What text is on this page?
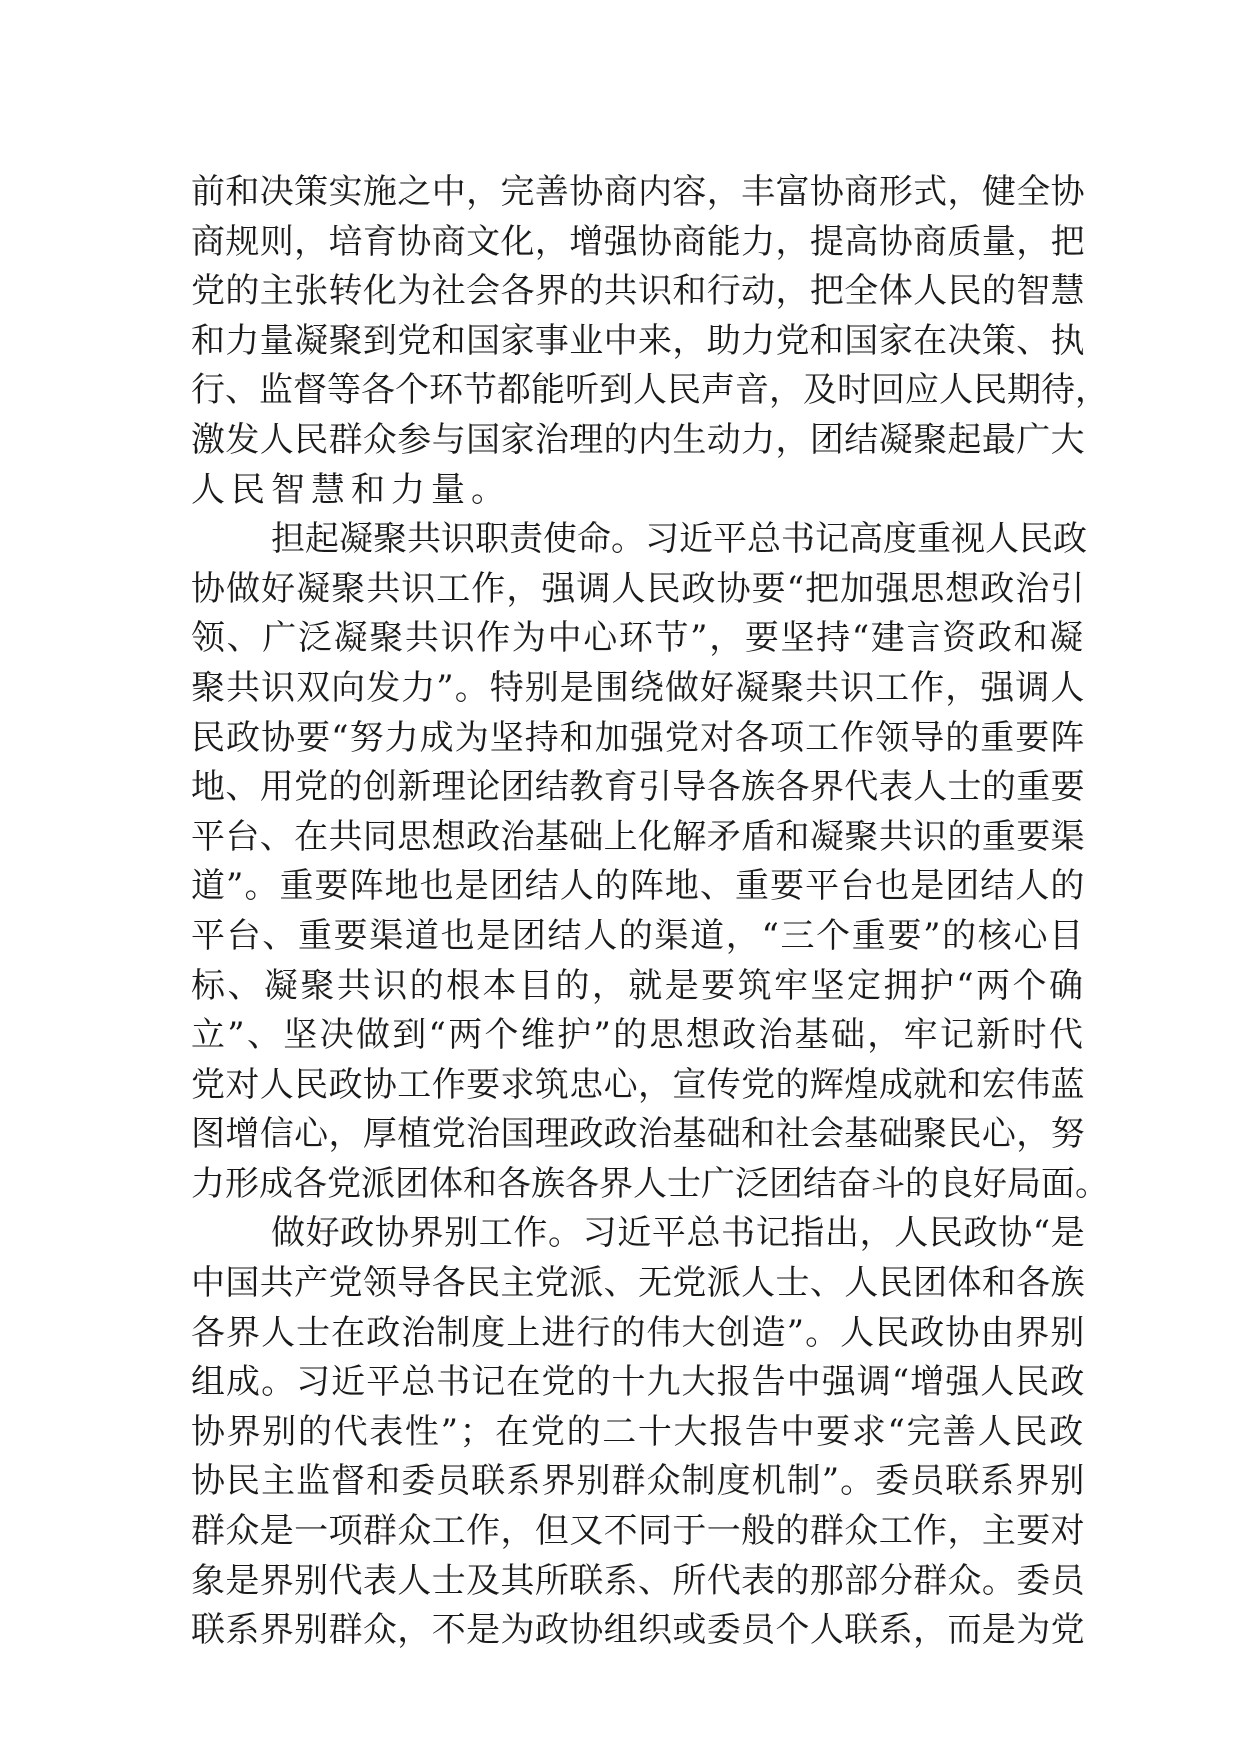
前和决策实施之中，完善协商内容，丰富协商形式，健全协
商规则，培育协商文化，增强协商能力，提高协商质量，把
党的主张转化为社会各界的共识和行动，把全体人民的智慧
和力量凝聚到党和国家事业中来，助力党和国家在决策、执
行、监督等各个环节都能听到人民声音，及时回应人民期待，
激发人民群众参与国家治理的内生动力，团结凝聚起最广大
人民智慧和力量。
担起凝聚共识职责使命。习近平总书记高度重视人民政
协做好凝聚共识工作，强调人民政协要“把加强思想政治引
领、广泛凝聚共识作为中心环节”，要坚持“建言资政和凝
聚共识双向发力”。特别是围绕做好凝聚共识工作，强调人
民政协要“努力成为坚持和加强党对各项工作领导的重要阵
地、用党的创新理论团结教育引导各族各界代表人士的重要
平台、在共同思想政治基础上化解矛盾和凝聚共识的重要渠
道”。重要阵地也是团结人的阵地、重要平台也是团结人的
平台、重要渠道也是团结人的渠道，“三个重要”的核心目
标、凝聚共识的根本目的，就是要筑牢坚定拥护“两个确
立”、坚决做到“两个维护”的思想政治基础，牢记新时代
党对人民政协工作要求筑忠心，宣传党的辉煌成就和宏伟蓝
图增信心，厚植党治国理政政治基础和社会基础聚民心，努
力形成各党派团体和各族各界人士广泛团结奋斗的良好局面。
做好政协界别工作。习近平总书记指出，人民政协“是
中国共产党领导各民主党派、无党派人士、人民团体和各族
各界人士在政治制度上进行的伟大创造”。人民政协由界别
组成。习近平总书记在党的十九大报告中强调“增强人民政
协界别的代表性”；在党的二十大报告中要求“完善人民政
协民主监督和委员联系界别群众制度机制”。委员联系界别
群众是一项群众工作，但又不同于一般的群众工作，主要对
象是界别代表人士及其所联系、所代表的那部分群众。委员
联系界别群众，不是为政协组织或委员个人联系，而是为党
